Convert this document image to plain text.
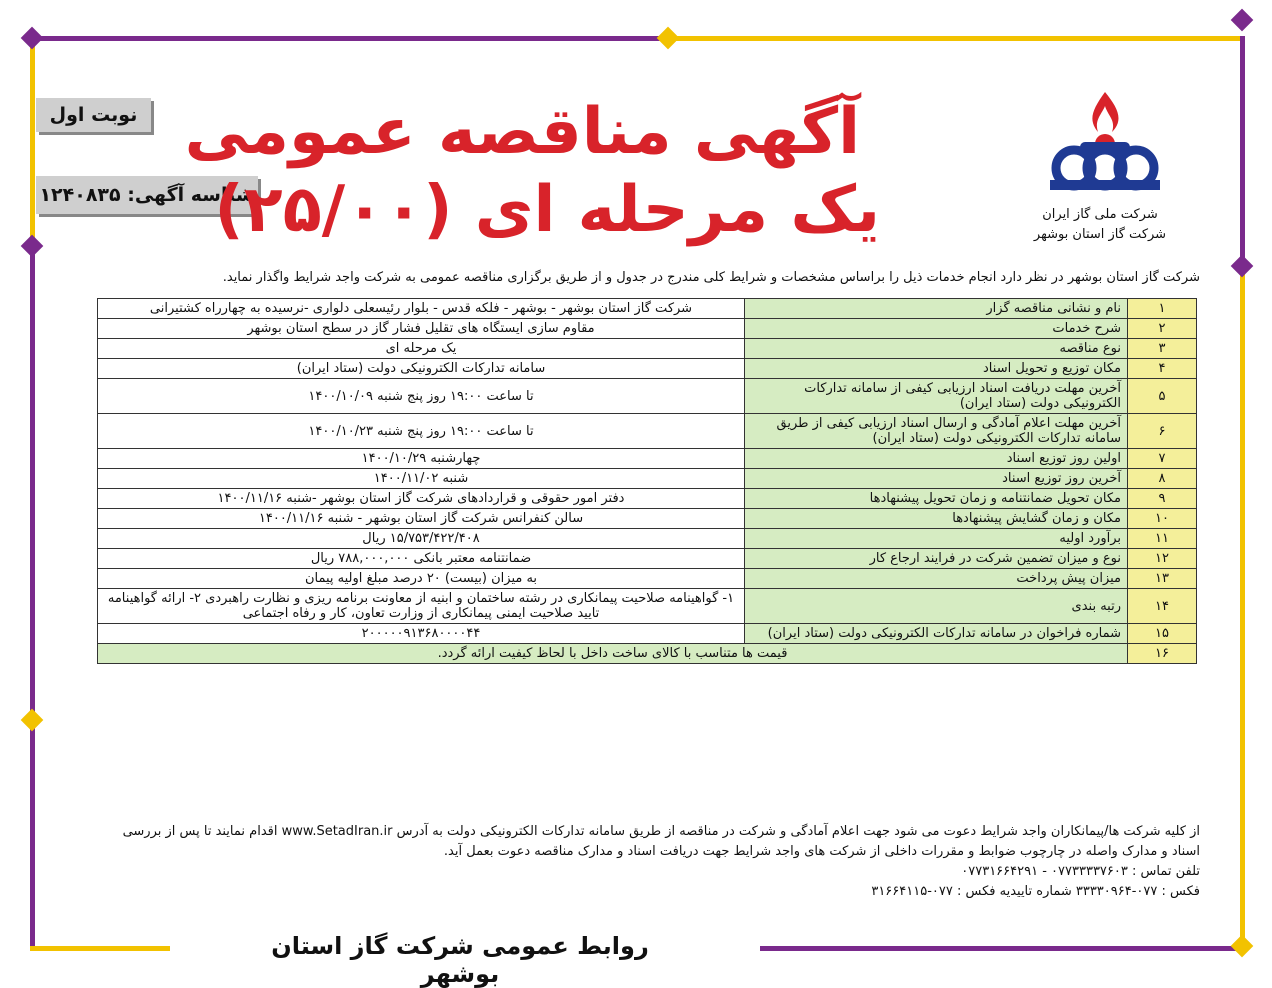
نوبت اول
شناسه آگهی: ۱۲۴۰۸۳۵
آگهی مناقصه عمومی
یک مرحله ای (۲۵/۰۰)	شرکت ملی گاز ایران
شرکت گاز استان بوشهر
شرکت گاز استان بوشهر در نظر دارد انجام خدمات ذیل را براساس مشخصات و شرایط کلی مندرج در جدول و از طریق برگزاری مناقصه عمومی به شرکت واجد شرایط واگذار نماید.
۱	نام و نشانی مناقصه گزار	شرکت گاز استان بوشهر - بوشهر - فلکه قدس - بلوار رئیسعلی دلواری -نرسیده به چهارراه کشتیرانی
۲	شرح خدمات	مقاوم سازی ایستگاه های تقلیل فشار گاز در سطح استان بوشهر
۳	نوع مناقصه	یک مرحله ای
۴	مکان توزیع و تحویل اسناد	سامانه تدارکات الکترونیکی دولت (ستاد ایران)
۵	آخرین مهلت دریافت اسناد ارزیابی کیفی از سامانه تدارکات الکترونیکی دولت (ستاد ایران)	تا ساعت ۱۹:۰۰ روز پنج شنبه ۱۴۰۰/۱۰/۰۹
۶	آخرین مهلت اعلام آمادگی و ارسال اسناد ارزیابی کیفی از طریق سامانه تدارکات الکترونیکی دولت (ستاد ایران)	تا ساعت ۱۹:۰۰ روز پنج شنبه ۱۴۰۰/۱۰/۲۳
۷	اولین روز توزیع اسناد	چهارشنبه ۱۴۰۰/۱۰/۲۹
۸	آخرین روز توزیع اسناد	شنبه ۱۴۰۰/۱۱/۰۲
۹	مکان تحویل ضمانتنامه و زمان تحویل پیشنهادها	دفتر امور حقوقی و قراردادهای شرکت گاز استان بوشهر -شنبه ۱۴۰۰/۱۱/۱۶
۱۰	مکان و زمان گشایش پیشنهادها	سالن کنفرانس شرکت گاز استان بوشهر - شنبه ۱۴۰۰/۱۱/۱۶
۱۱	برآورد اولیه	۱۵/۷۵۳/۴۲۲/۴۰۸ ریال
۱۲	نوع و میزان تضمین شرکت در فرایند ارجاع کار	ضمانتنامه معتبر بانکی ۷۸۸,۰۰۰,۰۰۰ ریال
۱۳	میزان پیش پرداخت	به میزان (بیست) ۲۰ درصد مبلغ اولیه پیمان
۱۴	رتبه بندی	۱- گواهینامه صلاحیت پیمانکاری در رشته ساختمان و ابنیه از معاونت برنامه ریزی و نظارت راهبردی ۲- ارائه گواهینامه تایید صلاحیت ایمنی پیمانکاری از وزارت تعاون، کار و رفاه اجتماعی
۱۵	شماره فراخوان در سامانه تدارکات الکترونیکی دولت (ستاد ایران)	۲۰۰۰۰۰۹۱۳۶۸۰۰۰۰۴۴
۱۶	قیمت ها متناسب با کالای ساخت داخل با لحاظ کیفیت ارائه گردد.	
از کلیه شرکت ها/پیمانکاران واجد شرایط دعوت می شود جهت اعلام آمادگی و شرکت در مناقصه از طریق سامانه تدارکات الکترونیکی دولت به آدرس www.SetadIran.ir اقدام نمایند تا پس از بررسی اسناد و مدارک واصله در چارچوب ضوابط و مقررات داخلی از شرکت های واجد شرایط جهت دریافت اسناد و مدارک مناقصه دعوت بعمل آید.
تلفن تماس : ۰۷۷۳۳۳۳۷۶۰۳ - ۰۷۷۳۱۶۶۴۲۹۱
فکس : ۰۷۷-۳۳۳۳۰۹۶۴ شماره تاییدیه فکس : ۰۷۷-۳۱۶۶۴۱۱۵
روابط عمومی شرکت گاز استان بوشهر
